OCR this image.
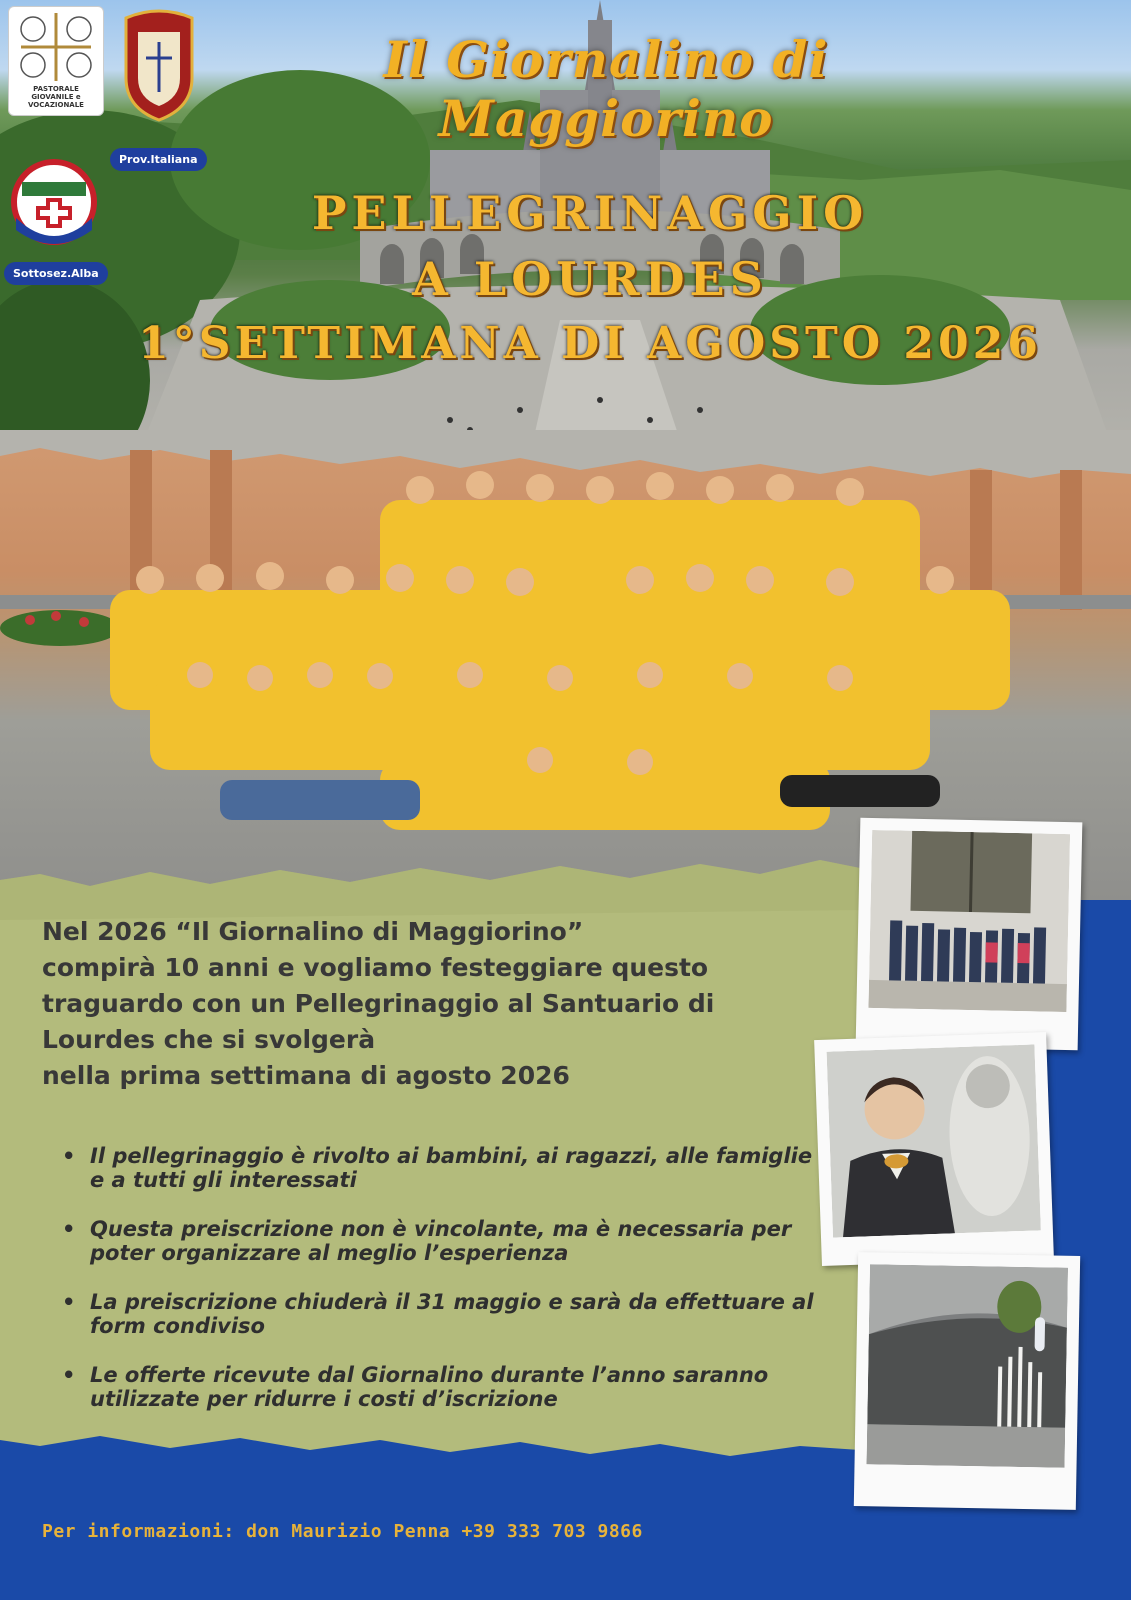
PASTORALE GIOVANILE e VOCAZIONALE
Prov.Italiana
Sottosez.Alba
Il Giornalino di Maggiorino
PELLEGRINAGGIO
A LOURDES
1°SETTIMANA DI AGOSTO 2026

Nel 2026 “Il Giornalino di Maggiorino”

compirà 10 anni e vogliamo festeggiare questo

traguardo con un Pellegrinaggio al Santuario di

Lourdes che si svolgerà

nella prima settimana di agosto 2026

• Il pellegrinaggio è rivolto ai bambini, ai ragazzi, alle famiglie e a tutti gli interessati
• Questa preiscrizione non è vincolante, ma è necessaria per poter organizzare al meglio l’esperienza
• La preiscrizione chiuderà il 31 maggio e sarà da effettuare al form condiviso
• Le offerte ricevute dal Giornalino durante l’anno saranno utilizzate per ridurre i costi d’iscrizione
Per informazioni: don Maurizio Penna +39 333 703 9866
